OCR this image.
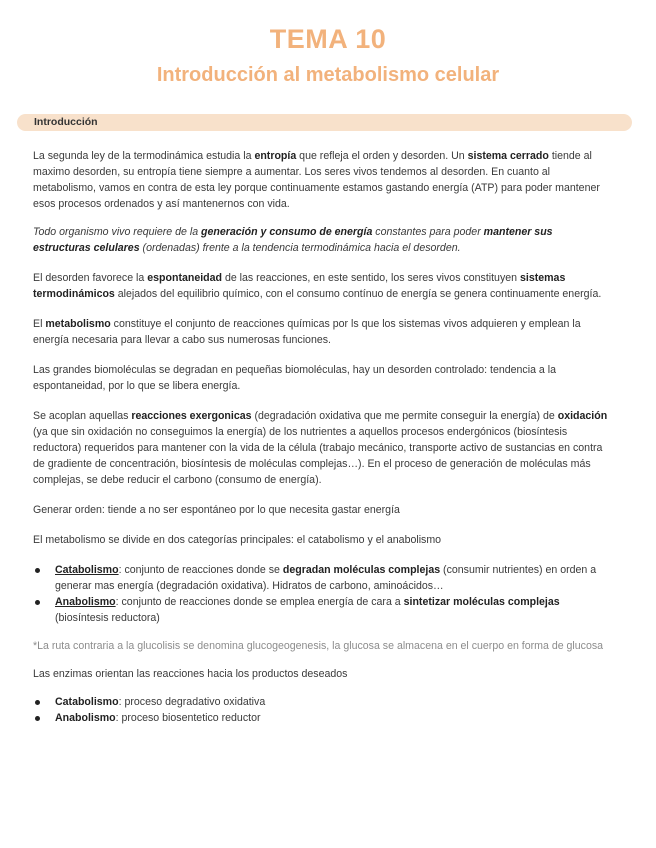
TEMA 10
Introducción al metabolismo celular
Introducción

La segunda ley de la termodinámica estudia la entropía que refleja el orden y desorden. Un sistema cerrado tiende al maximo desorden, su entropía tiene siempre a aumentar. Los seres vivos tendemos al desorden. En cuanto al metabolismo, vamos en contra de esta ley porque continuamente estamos gastando energía (ATP) para poder mantener esos procesos ordenados y así mantenernos con vida.

Todo organismo vivo requiere de la generación y consumo de energía constantes para poder mantener sus estructuras celulares (ordenadas) frente a la tendencia termodinámica hacia el desorden.

El desorden favorece la espontaneidad de las reacciones, en este sentido, los seres vivos constituyen sistemas termodinámicos alejados del equilibrio químico, con el consumo contínuo de energía se genera continuamente energía.

El metabolismo constituye el conjunto de reacciones químicas por ls que los sistemas vivos adquieren y emplean la energía necesaria para llevar a cabo sus numerosas funciones.

Las grandes biomoléculas se degradan en pequeñas biomoléculas, hay un desorden controlado: tendencia a la espontaneidad, por lo que se libera energía.

Se acoplan aquellas reacciones exergonicas (degradación oxidativa que me permite conseguir la energía) de oxidación (ya que sin oxidación no conseguimos la energía) de los nutrientes a aquellos procesos endergónicos (biosíntesis reductora) requeridos para mantener con la vida de la célula (trabajo mecánico, transporte activo de sustancias en contra de gradiente de concentración, biosíntesis de moléculas complejas…). En el proceso de generación de moléculas más complejas, se debe reducir el carbono (consumo de energía).

Generar orden: tiende a no ser espontáneo por lo que necesita gastar energía

El metabolismo se divide en dos categorías principales: el catabolismo y el anabolismo

Catabolismo: conjunto de reacciones donde se degradan moléculas complejas (consumir nutrientes) en orden a generar mas energía (degradación oxidativa). Hidratos de carbono, aminoácidos…
Anabolismo: conjunto de reacciones donde se emplea energía de cara a sintetizar moléculas complejas (biosíntesis reductora)

*La ruta contraria a la glucolisis se denomina glucogeogenesis, la glucosa se almacena en el cuerpo en forma de glucosa

Las enzimas orientan las reacciones hacia los productos deseados

Catabolismo: proceso degradativo oxidativa
Anabolismo: proceso biosentetico reductor
